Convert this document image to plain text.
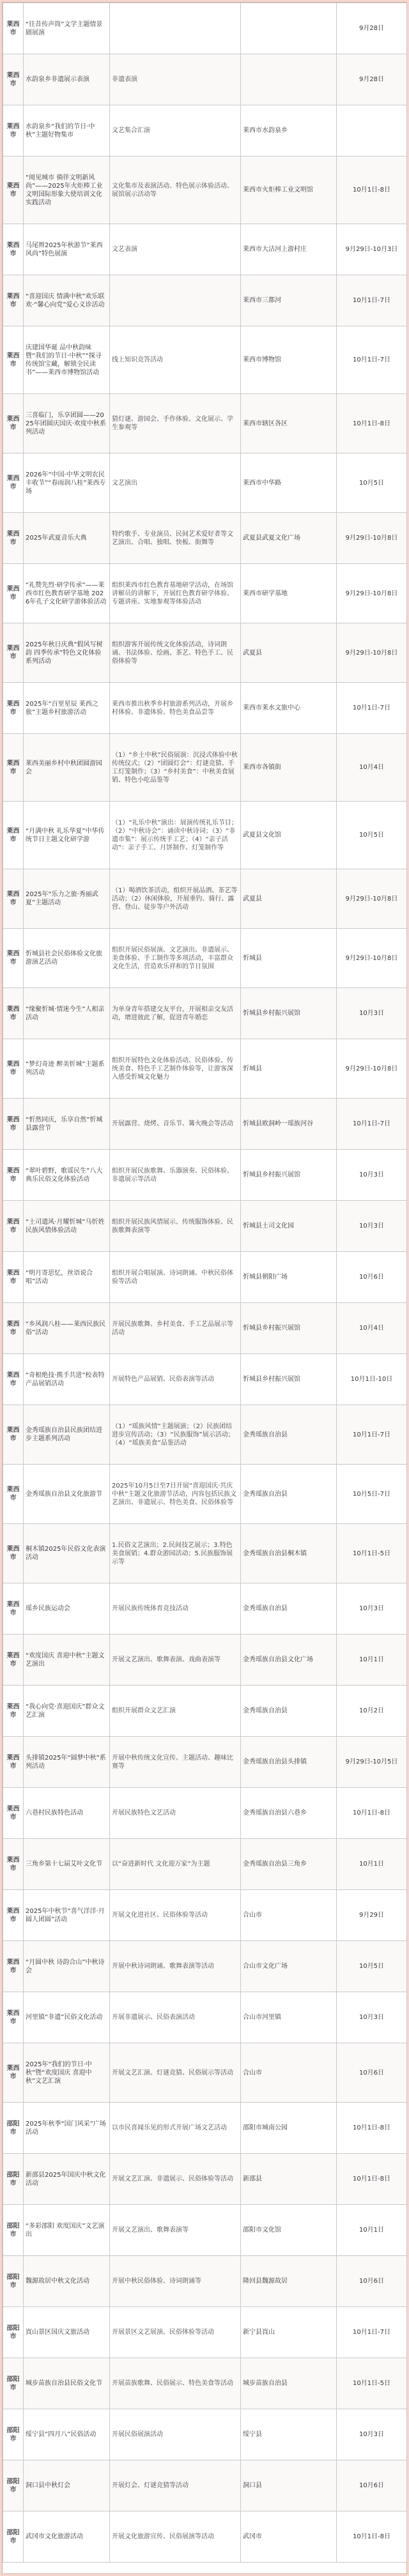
莱西市	“往昔传声筒”文学主题情景剧展演			9月28日
莱西市	水韵泉乡非遗展示表演	非遗表演		9月28日
莱西市	水韵泉乡“我们的节日·中秋”主题好物集市	文艺集合汇演	莱西市水韵泉乡	
莱西市	“阅见城市 徜徉文明新风尚”——2025年火炬棒工业文明国际形象大使培训文化实践活动	文化集市及表演活动、特色展示体验活动、展馆展示活动等	莱西市火炬棒工业文明馆	10月1日-8日
莱西市	马尾辫2025年秋游节“莱西风尚”特色展演	文艺表演	莱西市大沽河上游村庄	9月29日-10月3日
莱西市	“喜迎国庆 情满中秋”欢乐联欢·“馨心向党”爱心义诊活动		莱西市三都河	10月1日-7日
莱西市	庆建国华诞 品中秋韵味暨“我们的节日·中秋”“探寻传统馆宝藏，解锁全民读书”——莱西市博物馆活动	线上知识竞答活动	莱西市博物馆	10月1日-7日
莱西市	三喜临门，乐享团圆——2025年团圆庆国庆·欢度中秋系列活动	猜灯谜、游园会、手作体验、文化展示、学生参观等	莱西市辖区各区	10月1日-8日
莱西市	2026年“中国·中华文明农民丰收节”“春雨润八桂”莱西专场	文艺演出	莱西市中华路	10月5日
莱西市	2025年武夏音乐大典	特约歌手、专业演员、民间艺术爱好者等文艺演出、合唱、独唱、快板、街舞等	武夏县武夏文化广场	9月29日-10月8日
莱西市	“礼赞先烈·研学传承”——莱西市红色教育研学基地 2026年孔子文化研学游体验活动	组织莱西市红色教育基地研学活动，在场馆讲解员的讲解下，开展红色教育研学体验、专题讲座、实地参观等体验活动	莱西市研学基地	9月29日-10月8日
莱西市	2025年秋日庆典“假风写树韵 四季传承”特色文化体验系列活动	组织游客开展传统文化体验活动，诗词朗诵、书法体验、绘画、茶艺、特色手工、民俗体验等	武夏县	9月29日-10月8日
莱西市	2025年“百里星辰 莱西之旅”主题乡村旅游活动	莱西市推出秋季乡村旅游系列活动，开展乡村体验、非遗体验、特色美食品尝等	莱西市莱水文旅中心	10月1日-7日
莱西市	莱西美丽乡村中秋团圆游园会	（1）“乡土中秋”民俗展演：沉浸式体验中秋传统仪式；（2）“团圆灯会”：灯谜竞猜、手工灯笼制作；（3）“乡村美食”：中秋美食展销、特色小吃品鉴等	莱西市各镇街	10月4日
莱西市	“月满中秋 礼乐华夏”中华传统节日主题文化研学游	（1）“礼乐中秋”演出：展演传统礼乐节目；（2）“中秋诗会”：诵读中秋诗词；（3）“非遗市集”：展示传统手工艺；（4）“亲子活动”：亲子手工、月饼制作、灯笼制作等	武夏县文化馆	10月5日
莱西市	2025年“乐力之旅·秀丽武夏”主题活动	（1）喝酒饮茶活动，组织开展品酒、茶艺等活动；（2）休闲体验，开展垂钓、骑行、露营、登山、徒步等户外活动	武夏县	9月29日-10月8日
莱西市	忻城县社会民俗体验文化旅游演艺活动	组织开展民俗展演、文艺演出、非遗展示、美食体验、手工制作等多项活动，丰富群众文化生活，营造欢乐祥和的节日氛围	忻城县	9月29日-10月8日
莱西市	“缘聚忻城·情迷今生”人相亲活动	为单身青年搭建交友平台，开展相亲交友活动，增进彼此了解，促进青年婚恋	忻城县乡村振兴展馆	10月3日
莱西市	“梦幻奇迹 醉美忻城”主题系列活动	组织开展特色文化体验活动、民俗体验、传统美食、特色手工艺制作体验等，让游客深入感受忻城文化魅力	忻城县	9月29日-10月8日
莱西市	“忻然同庆，乐享自然”忻城县露营节	开展露营、烧烤、音乐节、篝火晚会等活动	忻城县欧洞岭一瑶族河谷	10月1日-7日
莱西市	“翠叶碧野，歌谣民生”八大典乐民俗文化体验活动	组织开展民族歌舞、乐器演奏、民俗体验、非遗展示等活动	忻城县乡村振兴展馆	10月3日
莱西市	“土司遗风·月耀忻城”马忻姓民族风情体验活动	组织开展民族风情展示、传统服饰体验、民族歌舞表演等	忻城县土司文化园	10月3日
莱西市	“明月寄思忆，丝语说合唱”活动	组织开展合唱展演、诗词朗诵、中秋民俗体验等活动	忻城县朝阳广场	10月6日
莱西市	“乡风润八桂——莱西民族民俗”活动	开展民族歌舞、乡村美食、手工艺品展示等活动	忻城县乡村振兴展馆	10月4日
莱西市	“奇根绝技·携手共进”校表特产品展销活动	开展特色产品展销、民俗表演等活动	忻城县乡村振兴展馆	10月1日-10日
莱西市	金秀瑶族自治县民族团结进步主题系列活动	（1）“瑶族风情”主题展演；（2）民族团结进步宣传活动；（3）“民族服饰”展示活动；（4）“瑶族美食”品鉴活动	金秀瑶族自治县	10月1日-7日
莱西市	金秀瑶族自治县文化旅游节	2025年10月5日至7日开展“喜迎国庆·共庆中秋”主题文化旅游节活动，内容包括民族文艺演出、非遗展示、特色美食、民俗体验等	金秀瑶族自治县	10月5日-7日
莱西市	桐木镇2025年民俗文化表演活动	1.民俗文艺演出；2.民间技艺展示；3.特色美食展销；4.群众游园活动；5.民族服饰展示等	金秀瑶族自治县桐木镇	10月1日-5日
莱西市	瑶乡民族运动会	开展民族传统体育竞技活动	金秀瑶族自治县	10月3日
莱西市	“欢度国庆 喜迎中秋”主题文艺演出	开展文艺演出、歌舞表演、戏曲表演等	金秀瑶族自治县文化广场	10月1日
莱西市	“我心向党·喜迎国庆”群众文艺汇演	组织开展群众文艺汇演	金秀瑶族自治县	10月2日
莱西市	头排镇2025年“圆梦中秋”系列活动	开展中秋传统文化宣传、主题活动、趣味比赛等	金秀瑶族自治县头排镇	9月29日-10月5日
莱西市	六巷村民族特色活动	开展民族特色文艺活动	金秀瑶族自治县六巷乡	10月1日-8日
莱西市	三角乡第十七届艾叶文化节	以“奋进新时代 文化迎万家”为主题	金秀瑶族自治县三角乡	10月1日
莱西市	2025年中秋节“喜气洋洋·月圆人团圆”活动	开展文化进社区、民俗体验等活动	合山市	9月29日
莱西市	“月圆中秋 诗韵合山”中秋诗会	开展中秋诗词朗诵、歌舞表演等活动	合山市文化广场	10月5日
莱西市	河里镇“非遗”民俗文化活动	开展非遗展示、民俗表演活动	合山市河里镇	10月3日
莱西市	2025年“我们的节日·中秋”暨“欢度国庆 喜迎中秋”文艺汇演	开展文艺汇演、灯谜竞猜、民俗展示等活动	合山市	10月6日
邵阳市	2025年秋季“国门风采”广场活动	以市民喜闻乐见的形式开展广场文艺活动	邵阳市城南公园	10月1日-8日
邵阳市	新邵县2025年国庆中秋文化活动	开展文艺汇演、非遗展示、民俗体验等活动	新邵县	10月1日-8日
邵阳市	“多彩邵阳 欢度国庆”文艺演出	开展文艺演出、歌舞表演等	邵阳市文化馆	10月1日
邵阳市	魏源故居中秋文化活动	开展中秋民俗体验、诗词朗诵等	隆回县魏源故居	10月6日
邵阳市	崀山景区国庆文旅活动	开展景区文艺展演、民俗体验等活动	新宁县崀山	10月1日-7日
邵阳市	城步苗族自治县民俗文化节	开展苗族歌舞、民俗展示、特色美食等活动	城步苗族自治县	10月1日-5日
邵阳市	绥宁县“四月八”民俗活动	开展民俗展演活动	绥宁县	10月3日
邵阳市	洞口县中秋灯会	开展灯会、灯谜竞猜等活动	洞口县	10月6日
邵阳市	武冈市文化旅游活动	开展文化旅游宣传、民俗展演等活动	武冈市	10月1日-8日
